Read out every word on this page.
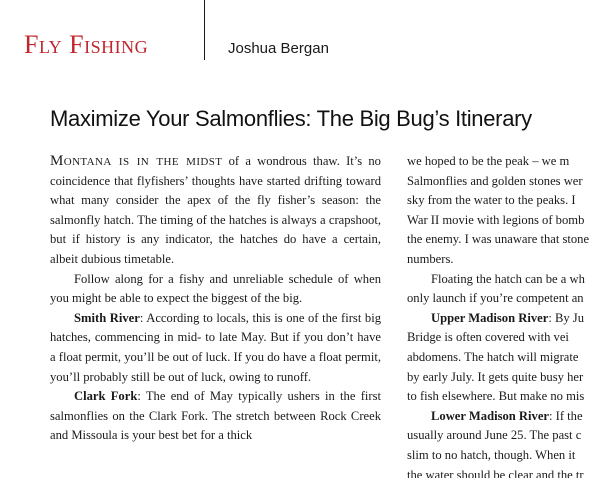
Fly Fishing	Joshua Bergan
Maximize Your Salmonflies: The Big Bug’s Itinerary

Montana is in the midst of a wondrous thaw. It’s no coincidence that flyfishers’ thoughts have started drifting toward what many consider the apex of the fly fisher’s season: the salmonfly hatch. The timing of the hatches is always a crapshoot, but if history is any indicator, the hatches do have a certain, albeit dubious timetable.

Follow along for a fishy and unreliable schedule of when you might be able to expect the biggest of the big.

Smith River: According to locals, this is one of the first big hatches, commencing in mid- to late May. But if you don’t have a float permit, you’ll be out of luck. If you do have a float permit, you’ll probably still be out of luck, owing to runoff.

Clark Fork: The end of May typically ushers in the first salmonflies on the Clark Fork. The stretch between Rock Creek and Missoula is your best bet for a thick

we hoped to be the peak – we m
Salmonflies and golden stones wer
sky from the water to the peaks. I
War II movie with legions of bomb
the enemy. I was unaware that stone
numbers.
Floating the hatch can be a wh
only launch if you’re competent an
Upper Madison River: By Ju
Bridge is often covered with vei
abdomens. The hatch will migrate
by early July. It gets quite busy her
to fish elsewhere. But make no mis
Lower Madison River: If the
usually around June 25. The past c
slim to no hatch, though. When it
the water should be clear and the tr
